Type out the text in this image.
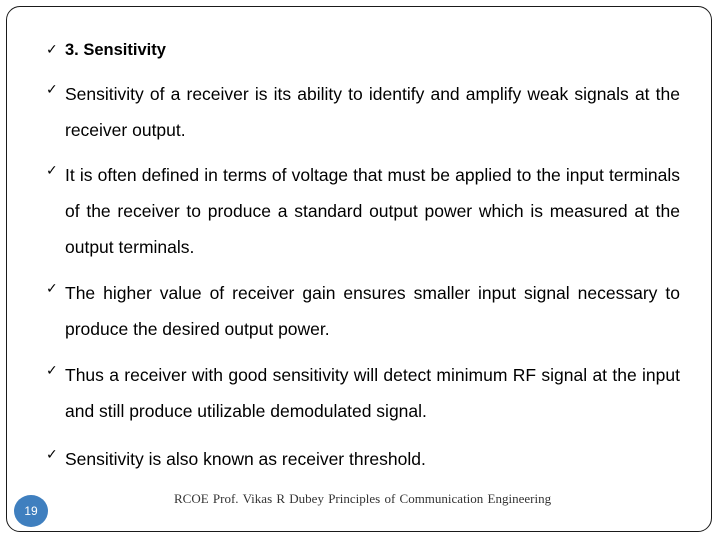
✓ 3. Sensitivity
✓ Sensitivity of a receiver is its ability to identify and amplify weak signals at the receiver output.
✓ It is often defined in terms of voltage that must be applied to the input terminals of the receiver to produce a standard output power which is measured at the output terminals.
✓ The higher value of receiver gain ensures smaller input signal necessary to produce the desired output power.
✓ Thus a receiver with good sensitivity will detect minimum RF signal at the input and still produce utilizable demodulated signal.
✓ Sensitivity is also known as receiver threshold.
19
RCOE Prof. Vikas R Dubey Principles of Communication Engineering
